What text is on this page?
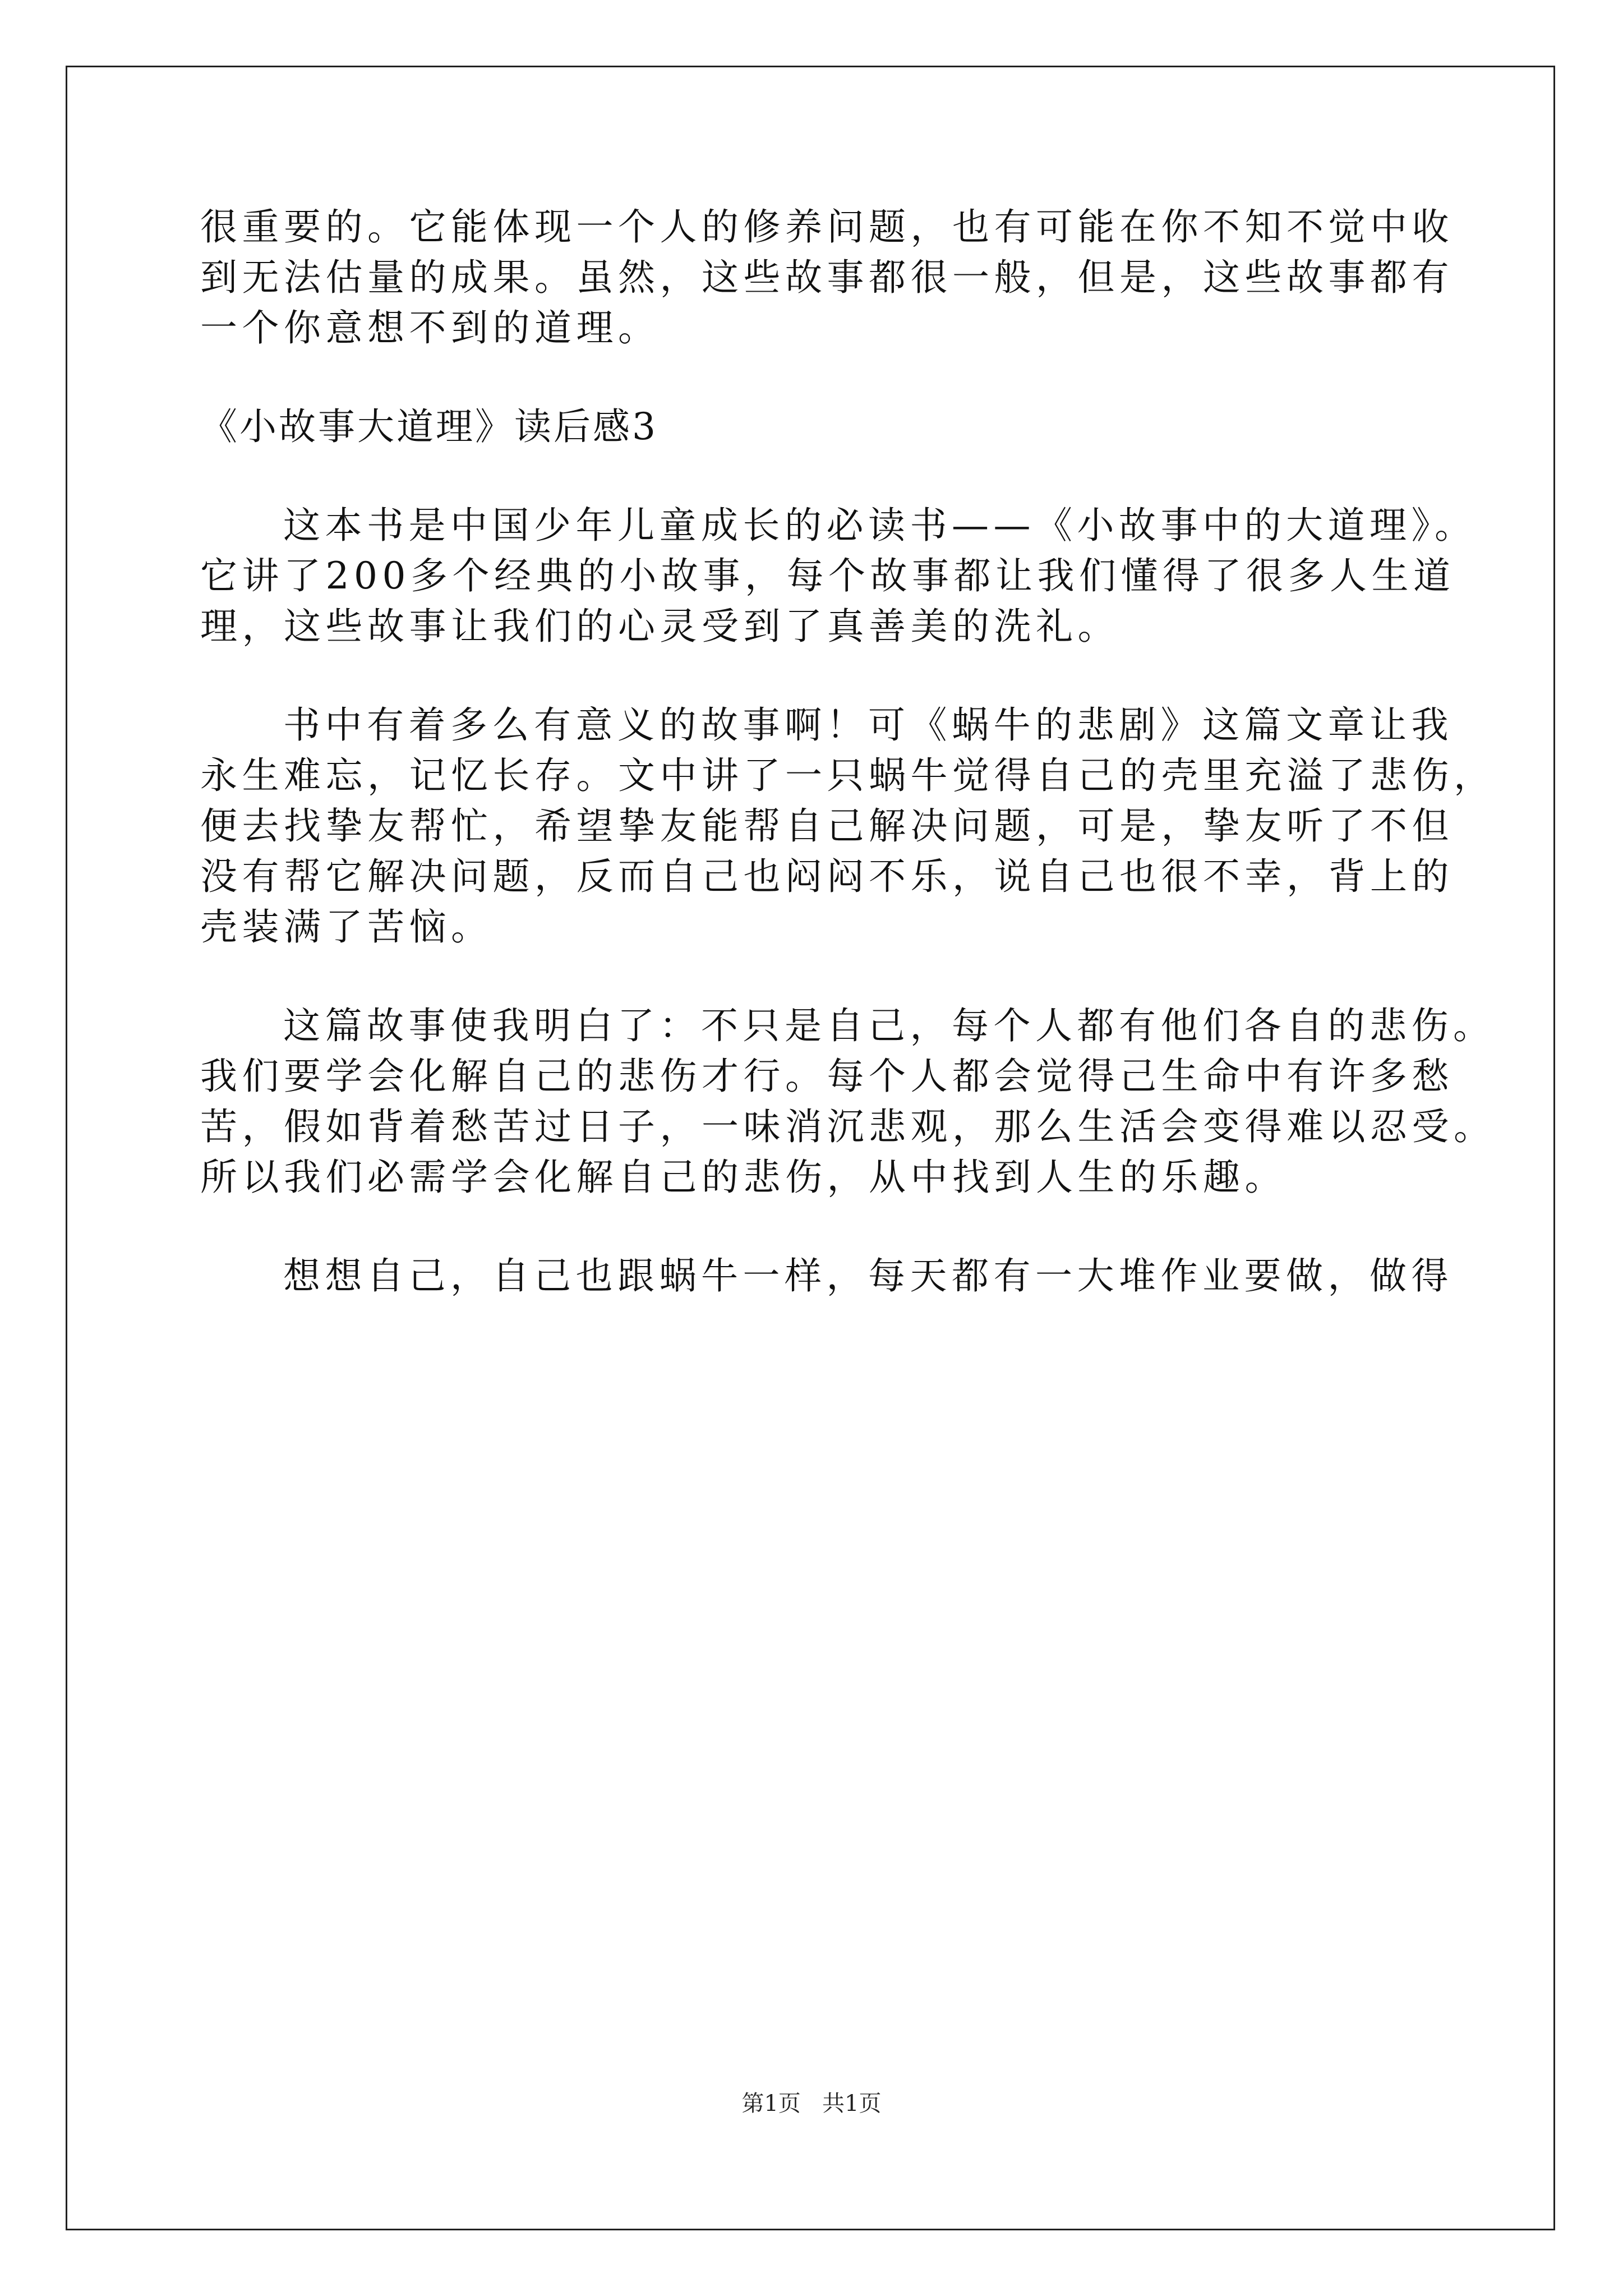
很重要的。它能体现一个人的修养问题，也有可能在你不知不觉中收
到无法估量的成果。虽然，这些故事都很一般，但是，这些故事都有
一个你意想不到的道理。
《小故事大道理》读后感3
这本书是中国少年儿童成长的必读书——《小故事中的大道理》。
它讲了200多个经典的小故事，每个故事都让我们懂得了很多人生道
理，这些故事让我们的心灵受到了真善美的洗礼。
书中有着多么有意义的故事啊！可《蜗牛的悲剧》这篇文章让我
永生难忘，记忆长存。文中讲了一只蜗牛觉得自己的壳里充溢了悲伤，
便去找挚友帮忙，希望挚友能帮自己解决问题，可是，挚友听了不但
没有帮它解决问题，反而自己也闷闷不乐，说自己也很不幸，背上的
壳装满了苦恼。
这篇故事使我明白了：不只是自己，每个人都有他们各自的悲伤。
我们要学会化解自己的悲伤才行。每个人都会觉得己生命中有许多愁
苦，假如背着愁苦过日子，一味消沉悲观，那么生活会变得难以忍受。
所以我们必需学会化解自己的悲伤，从中找到人生的乐趣。
想想自己，自己也跟蜗牛一样，每天都有一大堆作业要做，做得
第1页   共1页
